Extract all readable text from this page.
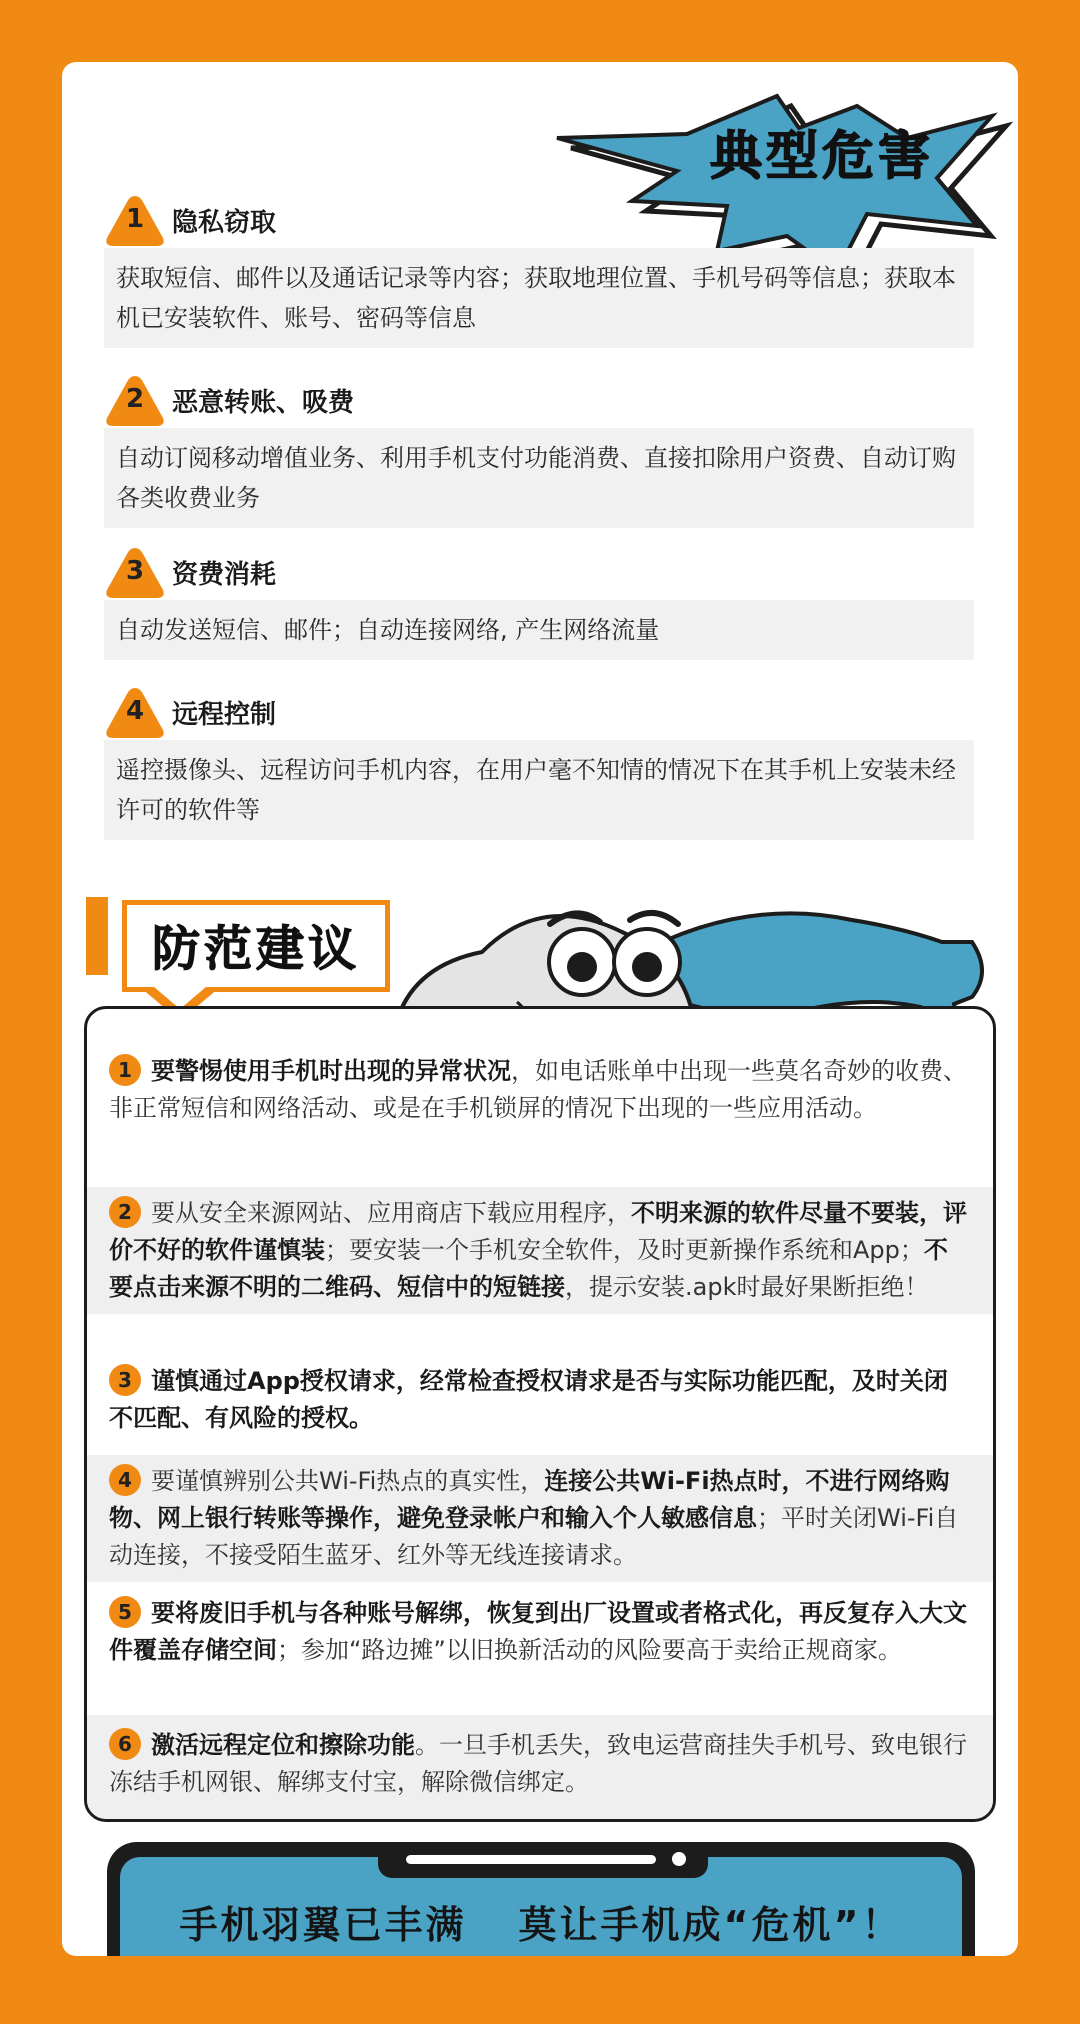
典型危害
1	隐私窃取
获取短信、邮件以及通话记录等内容；获取地理位置、手机号码等信息；获取本机已安装软件、账号、密码等信息
2	恶意转账、吸费
自动订阅移动增值业务、利用手机支付功能消费、直接扣除用户资费、自动订购各类收费业务
3	资费消耗
自动发送短信、邮件；自动连接网络, 产生网络流量
4	远程控制
遥控摄像头、远程访问手机内容，在用户毫不知情的情况下在其手机上安装未经许可的软件等
防范建议
1 要警惕使用手机时出现的异常状况，如电话账单中出现一些莫名奇妙的收费、非正常短信和网络活动、或是在手机锁屏的情况下出现的一些应用活动。
2 要从安全来源网站、应用商店下载应用程序，不明来源的软件尽量不要装，评价不好的软件谨慎装；要安装一个手机安全软件，及时更新操作系统和App；不要点击来源不明的二维码、短信中的短链接，提示安装.apk时最好果断拒绝！
3 谨慎通过App授权请求，经常检查授权请求是否与实际功能匹配，及时关闭不匹配、有风险的授权。
4 要谨慎辨别公共Wi-Fi热点的真实性，连接公共Wi-Fi热点时，不进行网络购物、网上银行转账等操作，避免登录帐户和输入个人敏感信息；平时关闭Wi-Fi自动连接，不接受陌生蓝牙、红外等无线连接请求。
5 要将废旧手机与各种账号解绑，恢复到出厂设置或者格式化，再反复存入大文件覆盖存储空间；参加“路边摊”以旧换新活动的风险要高于卖给正规商家。
6 激活远程定位和擦除功能。一旦手机丢失，致电运营商挂失手机号、致电银行冻结手机网银、解绑支付宝，解除微信绑定。
手机羽翼已丰满 莫让手机成“危机”！
